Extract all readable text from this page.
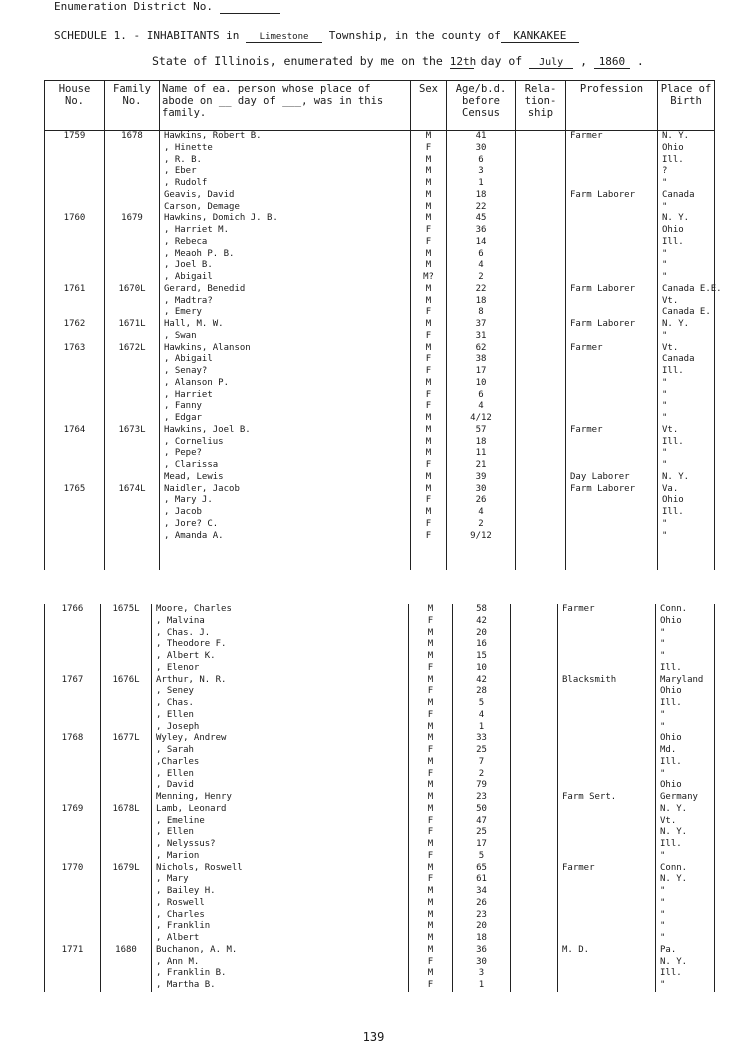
Enumeration District No.
SCHEDULE 1. - INHABITANTS in Limestone Township, in the county of KANKAKEE
State of Illinois, enumerated by me on the 12th day of July , 1860 .
House No.	Family No.	Name of ea. person whose place of abode on __ day of ___, was in this family.	Sex	Age/b.d. before Census	Rela- tion- ship	Profession	Place of Birth
1759	1678	Hawkins, Robert B.	M	41		Farmer	N. Y.
		, Hinette	F	30			Ohio
		, R. B.	M	6			Ill.
		, Eber	M	3			?
		, Rudolf	M	1			"
		Geavis, David	M	18		Farm Laborer	Canada
		Carson, Demage	M	22			"
1760	1679	Hawkins, Domich J. B.	M	45			N. Y.
		, Harriet M.	F	36			Ohio
		, Rebeca	F	14			Ill.
		, Meaoh P. B.	M	6			"
		, Joel B.	M	4			"
		, Abigail	M?	2			"
1761	1670L	Gerard, Benedid	M	22		Farm Laborer	Canada E.E.
		, Madtra?	M	18			Vt.
		, Emery	F	8			Canada E.
1762	1671L	Hall, M. W.	M	37		Farm Laborer	N. Y.
		, Swan	F	31			"
1763	1672L	Hawkins, Alanson	M	62		Farmer	Vt.
		, Abigail	F	38			Canada
		, Senay?	F	17			Ill.
		, Alanson P.	M	10			"
		, Harriet	F	6			"
		, Fanny	F	4			"
		, Edgar	M	4/12			"
1764	1673L	Hawkins, Joel B.	M	57		Farmer	Vt.
		, Cornelius	M	18			Ill.
		, Pepe?	M	11			"
		, Clarissa	F	21			"
		Mead, Lewis	M	39		Day Laborer	N. Y.
1765	1674L	Naidler, Jacob	M	30		Farm Laborer	Va.
		, Mary J.	F	26			Ohio
		, Jacob	M	4			Ill.
		, Jore? C.	F	2			"
		, Amanda A.	F	9/12			"

1766	1675L	Moore, Charles	M	58		Farmer	Conn.
		, Malvina	F	42			Ohio
		, Chas. J.	M	20			"
		, Theodore F.	M	16			"
		, Albert K.	M	15			"
		, Elenor	F	10			Ill.
1767	1676L	Arthur, N. R.	M	42		Blacksmith	Maryland
		, Seney	F	28			Ohio
		, Chas.	M	5			Ill.
		, Ellen	F	4			"
		, Joseph	M	1			"
1768	1677L	Wyley, Andrew	M	33			Ohio
		, Sarah	F	25			Md.
		,Charles	M	7			Ill.
		, Ellen	F	2			"
		, David	M	79			Ohio
		Menning, Henry	M	23		Farm Sert.	Germany
1769	1678L	Lamb, Leonard	M	50			N. Y.
		, Emeline	F	47			Vt.
		, Ellen	F	25			N. Y.
		, Nelyssus?	M	17			Ill.
		, Marion	F	5			"
1770	1679L	Nichols, Roswell	M	65		Farmer	Conn.
		, Mary	F	61			N. Y.
		, Bailey H.	M	34			"
		, Roswell	M	26			"
		, Charles	M	23			"
		, Franklin	M	20			"
		, Albert	M	18			"
1771	1680	Buchanon, A. M.	M	36		M. D.	Pa.
		, Ann M.	F	30			N. Y.
		, Franklin B.	M	3			Ill.
		, Martha B.	F	1			"
139
